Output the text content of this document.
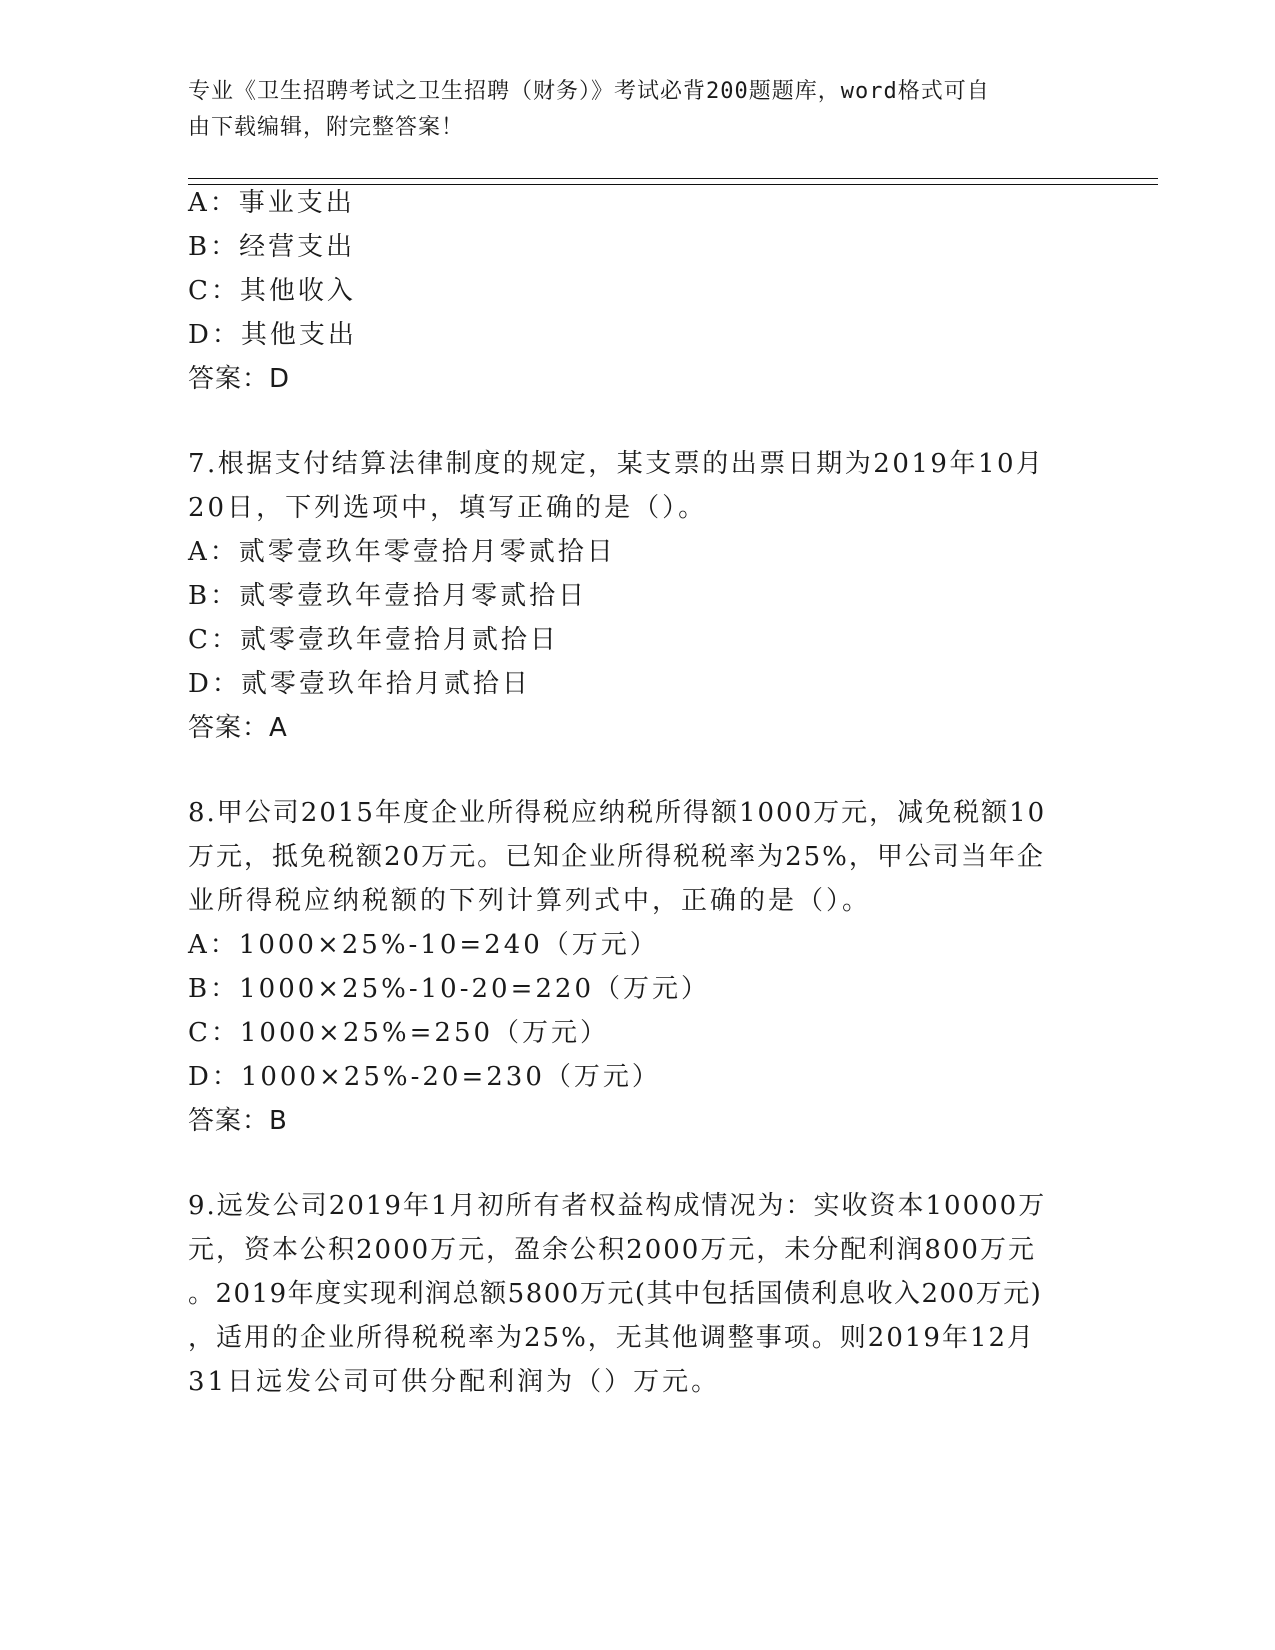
专业《卫生招聘考试之卫生招聘（财务）》考试必背200题题库，word格式可自
由下载编辑，附完整答案！
A：事业支出
B：经营支出
C：其他收入
D：其他支出
答案：D
7.根据支付结算法律制度的规定，某支票的出票日期为2019年10月
20日，下列选项中，填写正确的是（）。
A：贰零壹玖年零壹拾月零贰拾日
B：贰零壹玖年壹拾月零贰拾日
C：贰零壹玖年壹拾月贰拾日
D：贰零壹玖年拾月贰拾日
答案：A
8.甲公司2015年度企业所得税应纳税所得额1000万元，减免税额10
万元，抵免税额20万元。已知企业所得税税率为25%，甲公司当年企
业所得税应纳税额的下列计算列式中，正确的是（）。
A：1000×25%-10=240（万元）
B：1000×25%-10-20=220（万元）
C：1000×25%=250（万元）
D：1000×25%-20=230（万元）
答案：B
9.远发公司2019年1月初所有者权益构成情况为：实收资本10000万
元，资本公积2000万元，盈余公积2000万元，未分配利润800万元
。2019年度实现利润总额5800万元(其中包括国债利息收入200万元)
，适用的企业所得税税率为25%，无其他调整事项。则2019年12月
31日远发公司可供分配利润为（）万元。
